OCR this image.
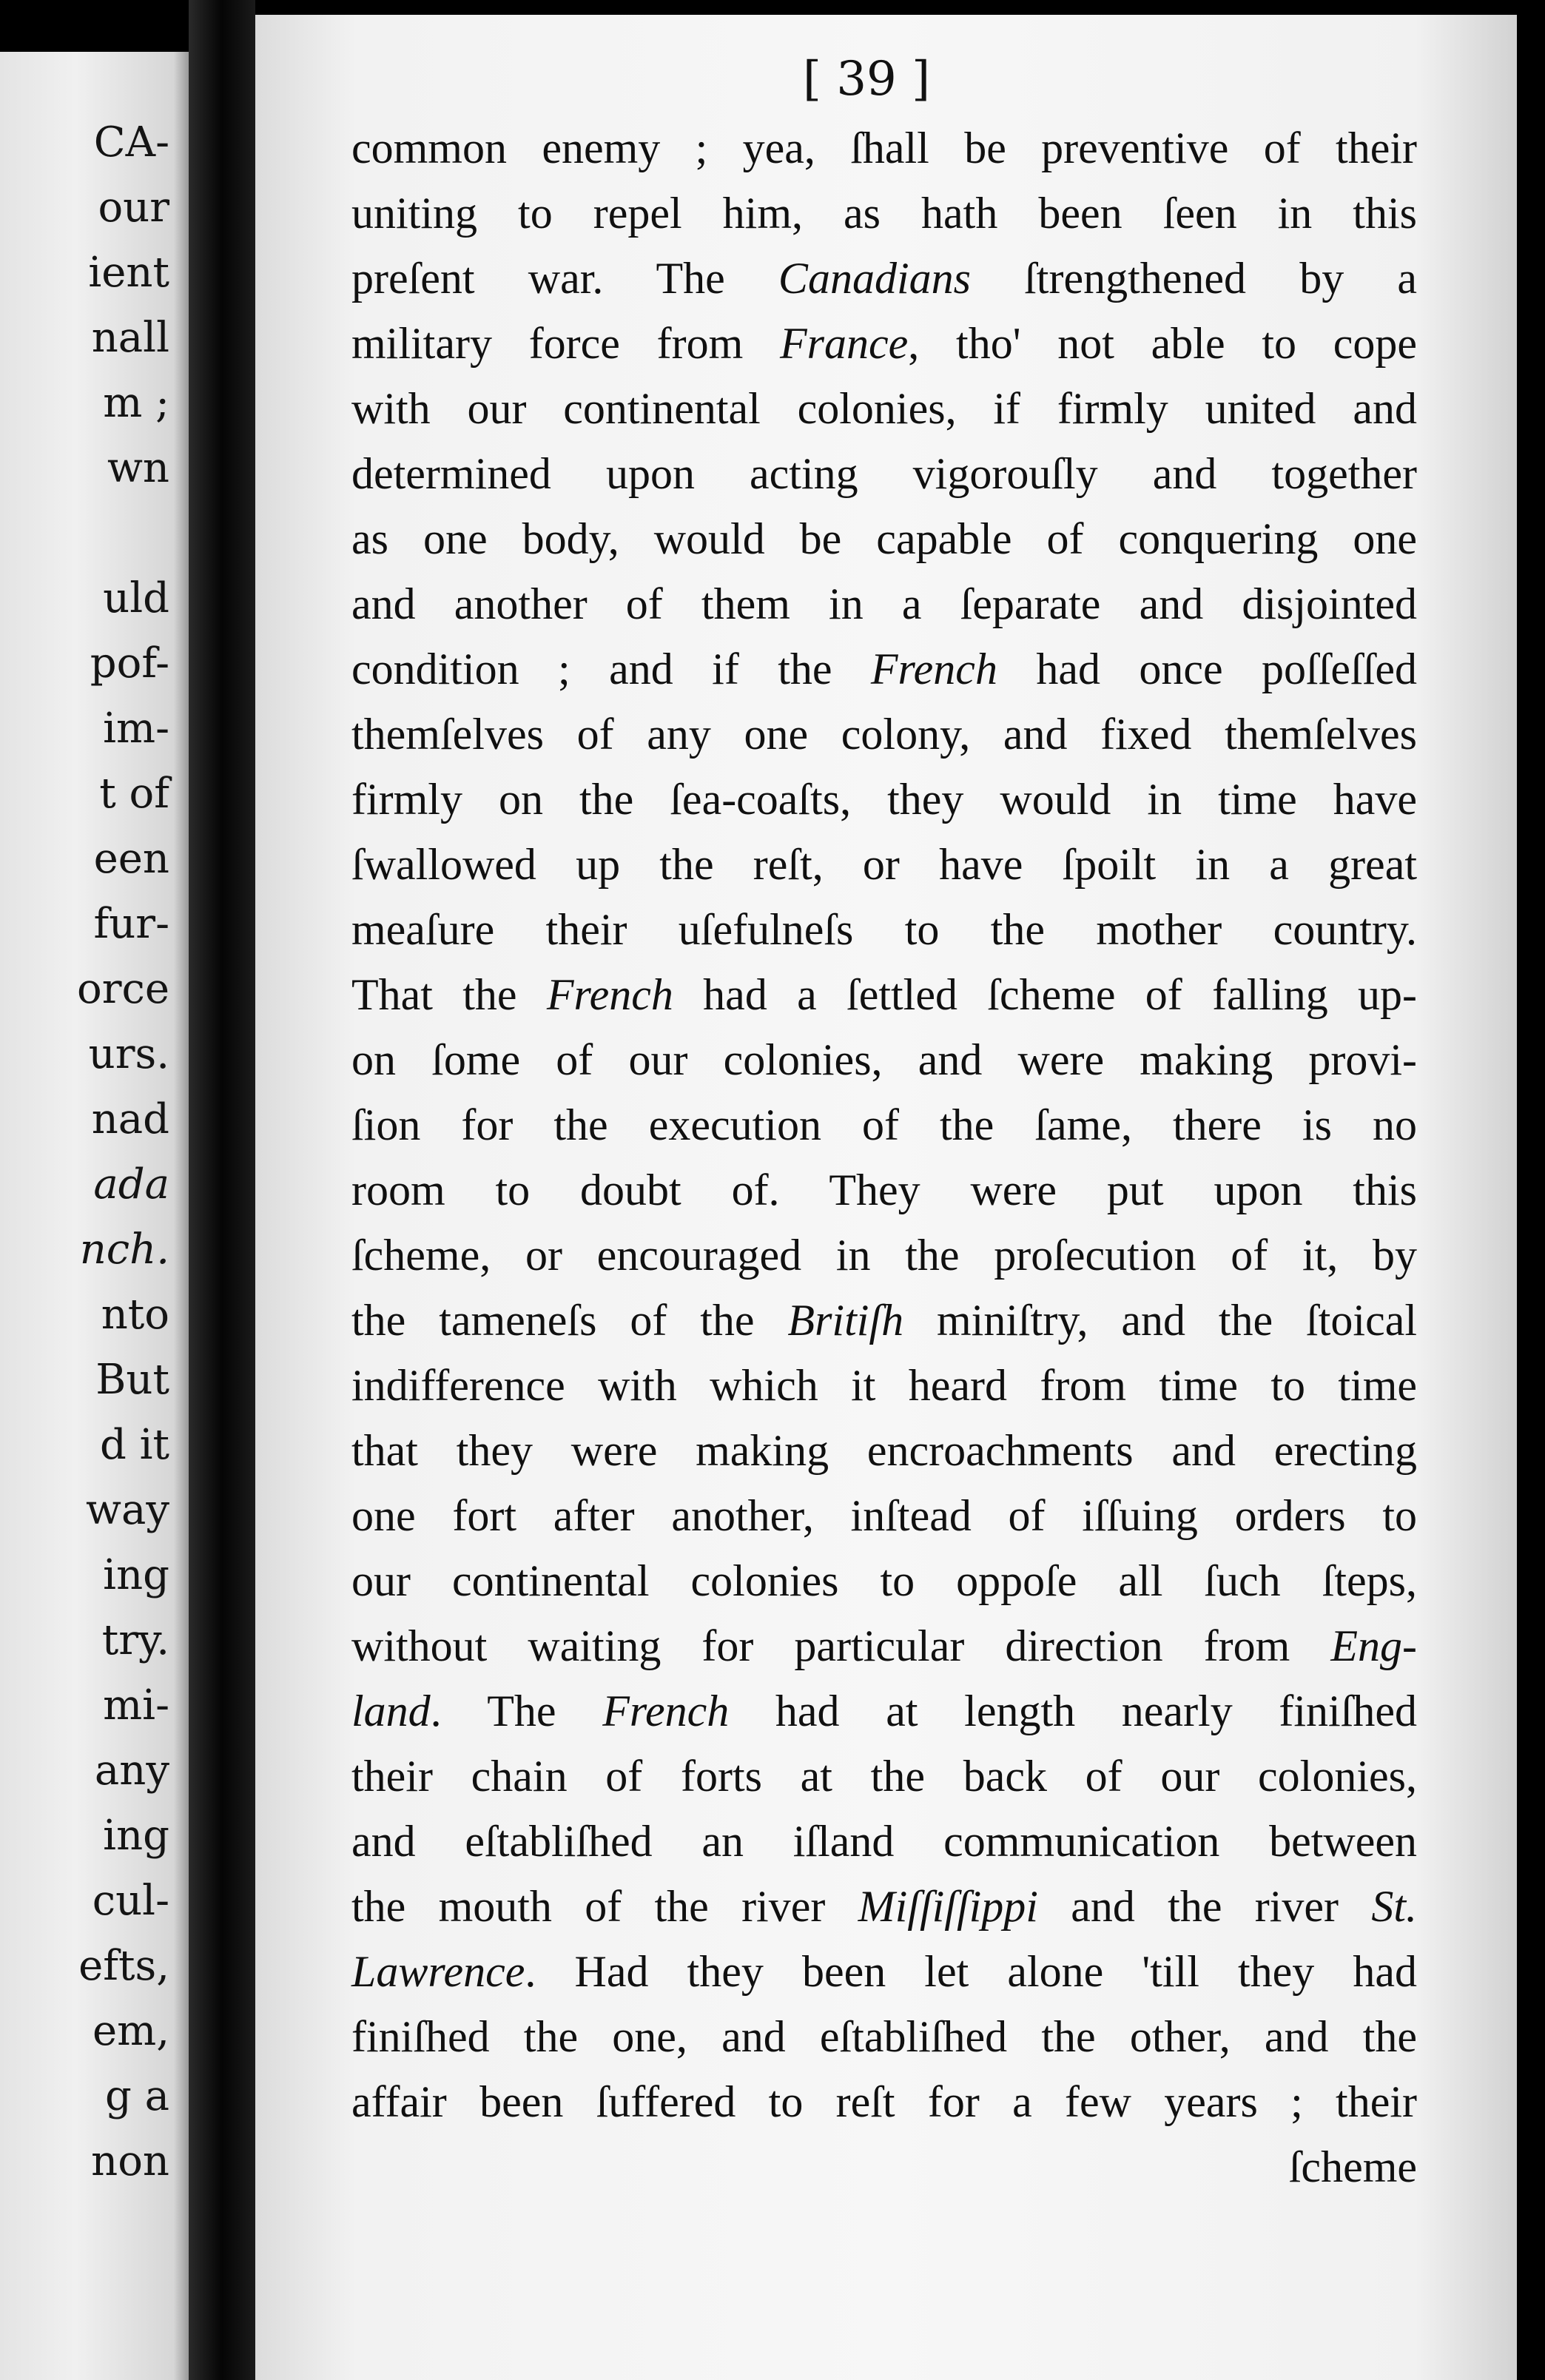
CA-
our
ient
nall
m ;
wn
uld
pof-
im-
t of
een
fur-
orce
urs.
nad
ada
nch.
nto
But
d it
way
ing
try.
mi-
any
ing
cul-
efts,
em,
g a
non
[ 39 ]
common enemy ; yea, ſhall be preventive of their
uniting to repel him, as hath been ſeen in this
preſent war. The Canadians ſtrengthened by a
military force from France, tho' not able to cope
with our continental colonies, if firmly united and
determined upon acting vigorouſly and together
as one body, would be capable of conquering one
and another of them in a ſeparate and disjointed
condition ; and if the French had once poſſeſſed
themſelves of any one colony, and fixed themſelves
firmly on the ſea-coaſts, they would in time have
ſwallowed up the reſt, or have ſpoilt in a great
meaſure their uſefulneſs to the mother country.
That the French had a ſettled ſcheme of falling up-
on ſome of our colonies, and were making provi-
ſion for the execution of the ſame, there is no
room to doubt of. They were put upon this
ſcheme, or encouraged in the proſecution of it, by
the tameneſs of the Britiſh miniſtry, and the ſtoical
indifference with which it heard from time to time
that they were making encroachments and erecting
one fort after another, inſtead of iſſuing orders to
our continental colonies to oppoſe all ſuch ſteps,
without waiting for particular direction from Eng-
land. The French had at length nearly finiſhed
their chain of forts at the back of our colonies,
and eſtabliſhed an iſland communication between
the mouth of the river Miſſiſſippi and the river St.
Lawrence. Had they been let alone 'till they had
finiſhed the one, and eſtabliſhed the other, and the
affair been ſuffered to reſt for a few years ; their
ſcheme
